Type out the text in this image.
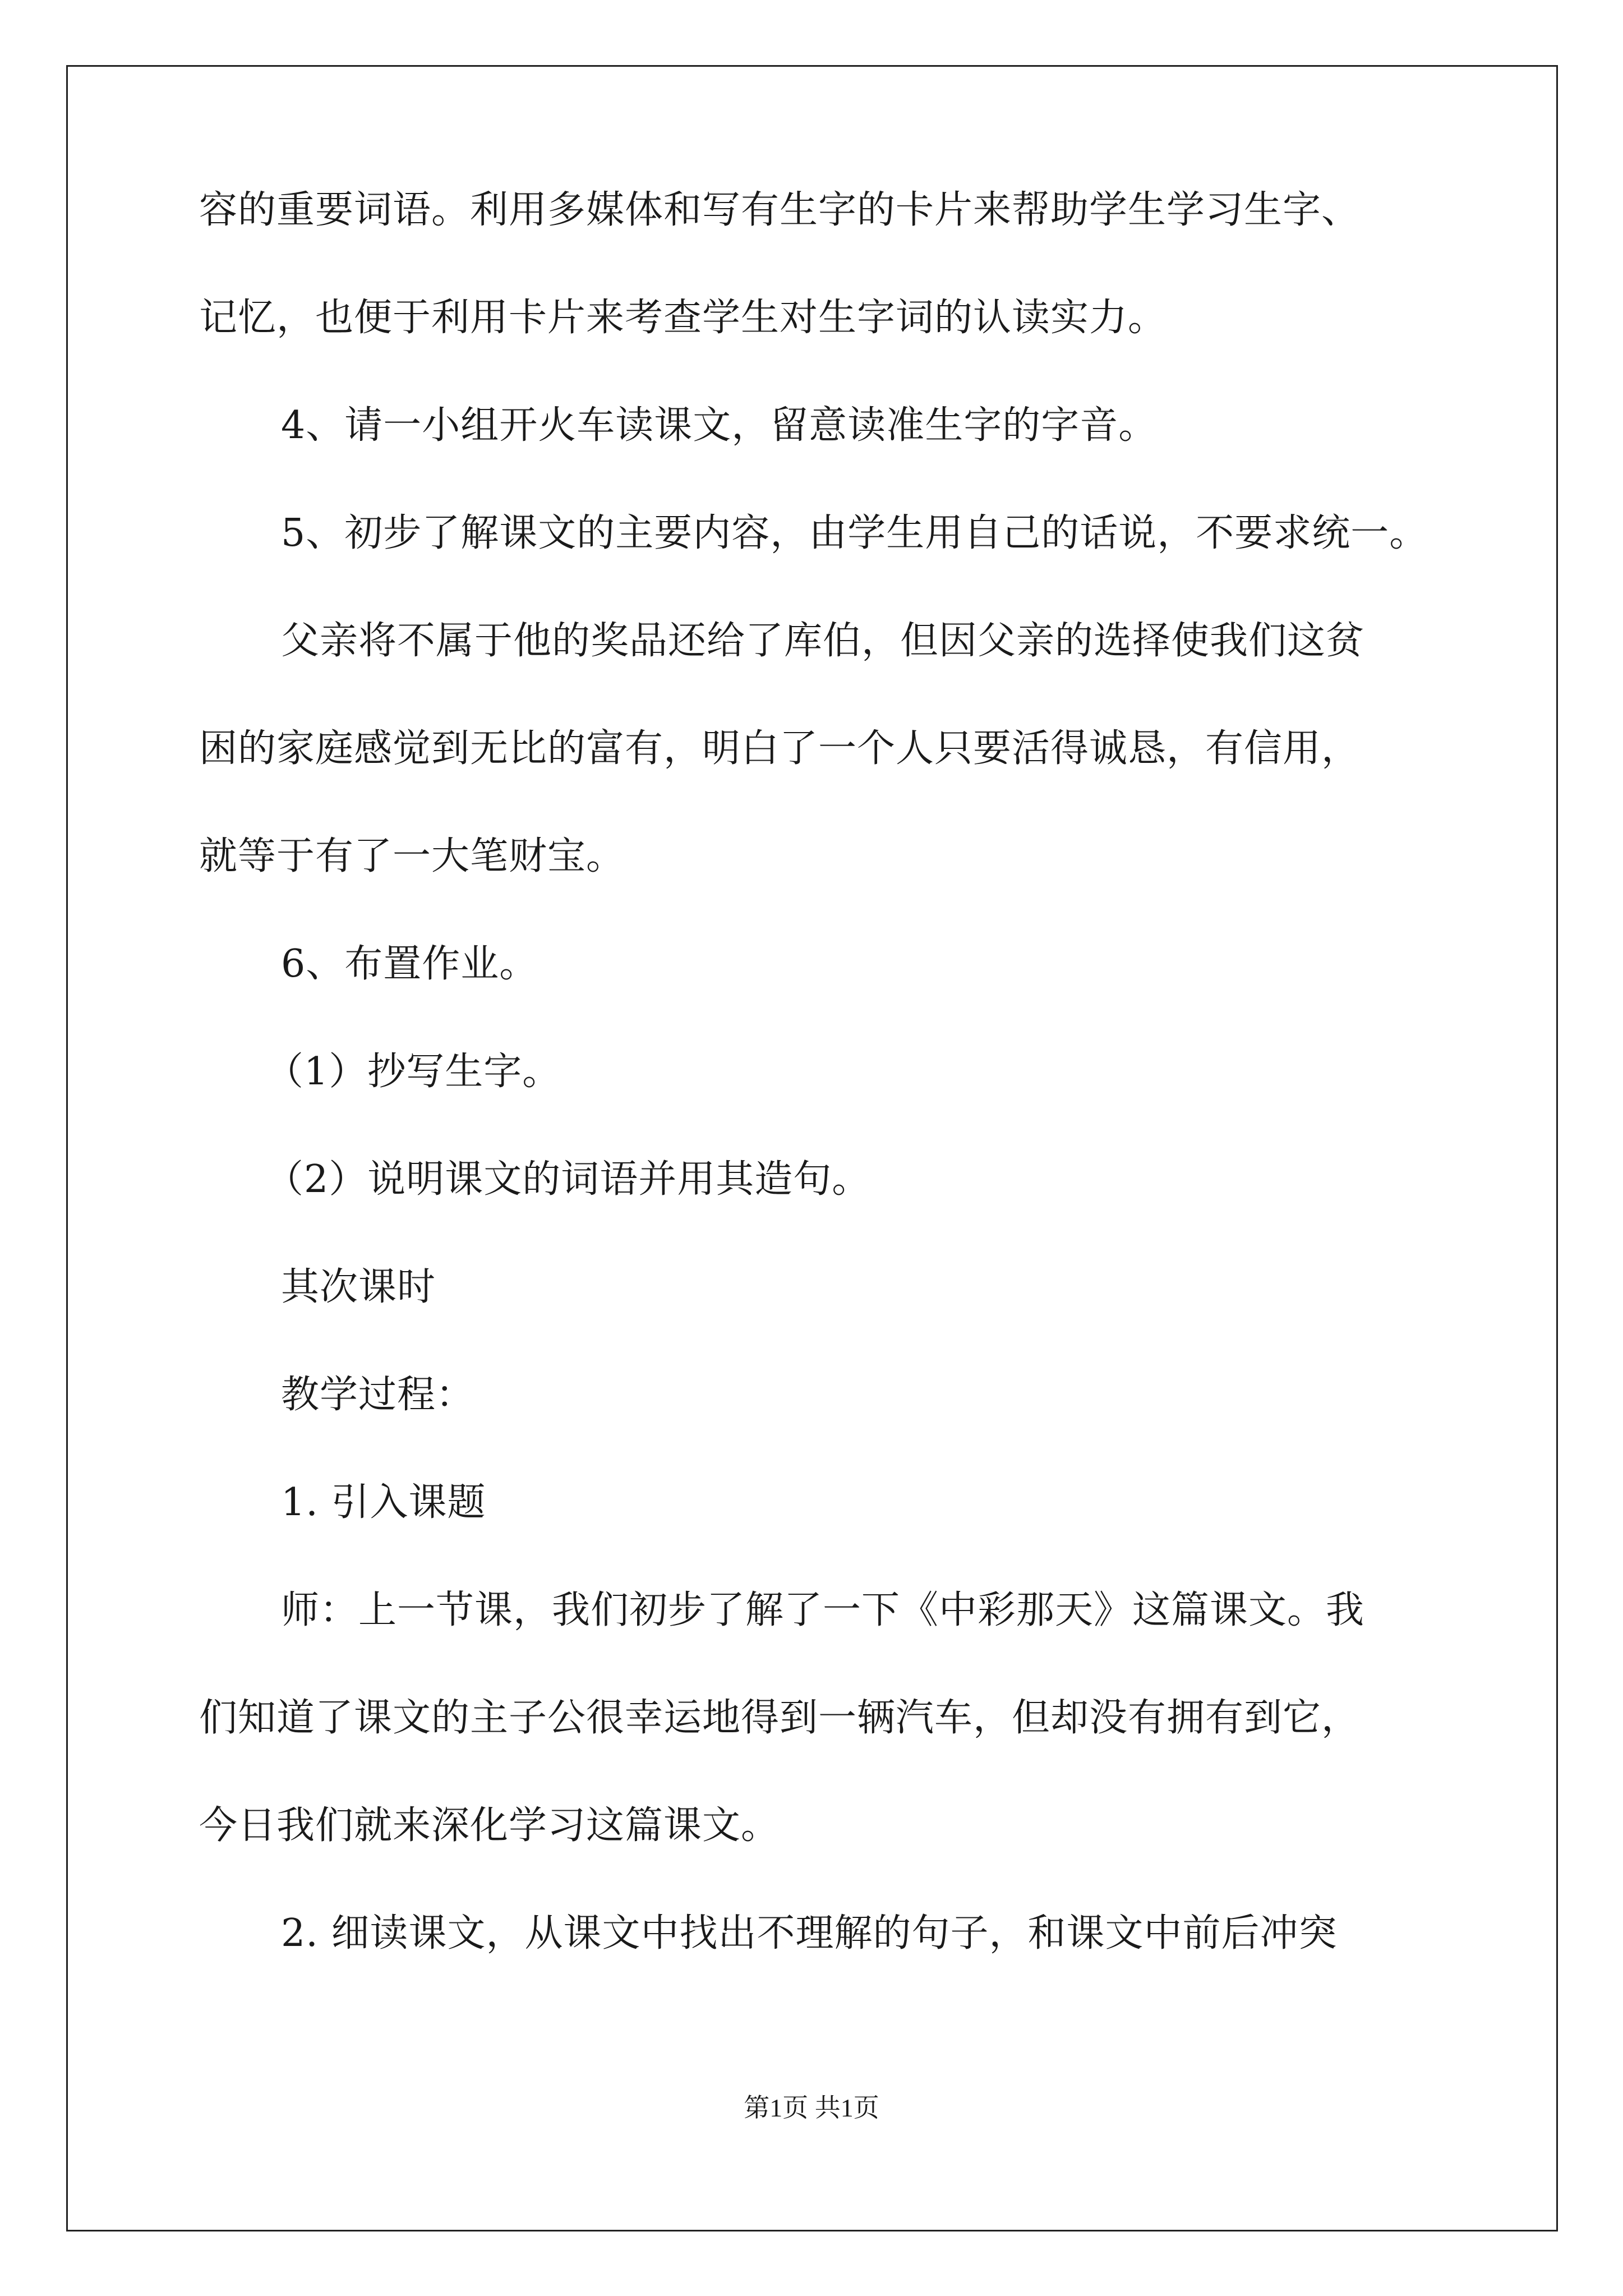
容的重要词语。利用多媒体和写有生字的卡片来帮助学生学习生字、
记忆，也便于利用卡片来考查学生对生字词的认读实力。
4、请一小组开火车读课文，留意读准生字的字音。
5、初步了解课文的主要内容，由学生用自己的话说，不要求统一。
父亲将不属于他的奖品还给了库伯，但因父亲的选择使我们这贫
困的家庭感觉到无比的富有，明白了一个人只要活得诚恳，有信用，
就等于有了一大笔财宝。
6、布置作业。
（1）抄写生字。
（2）说明课文的词语并用其造句。
其次课时
教学过程：
1. 引入课题
师：上一节课，我们初步了解了一下《中彩那天》这篇课文。我
们知道了课文的主子公很幸运地得到一辆汽车，但却没有拥有到它，
今日我们就来深化学习这篇课文。
2. 细读课文，从课文中找出不理解的句子，和课文中前后冲突
第1页 共1页
